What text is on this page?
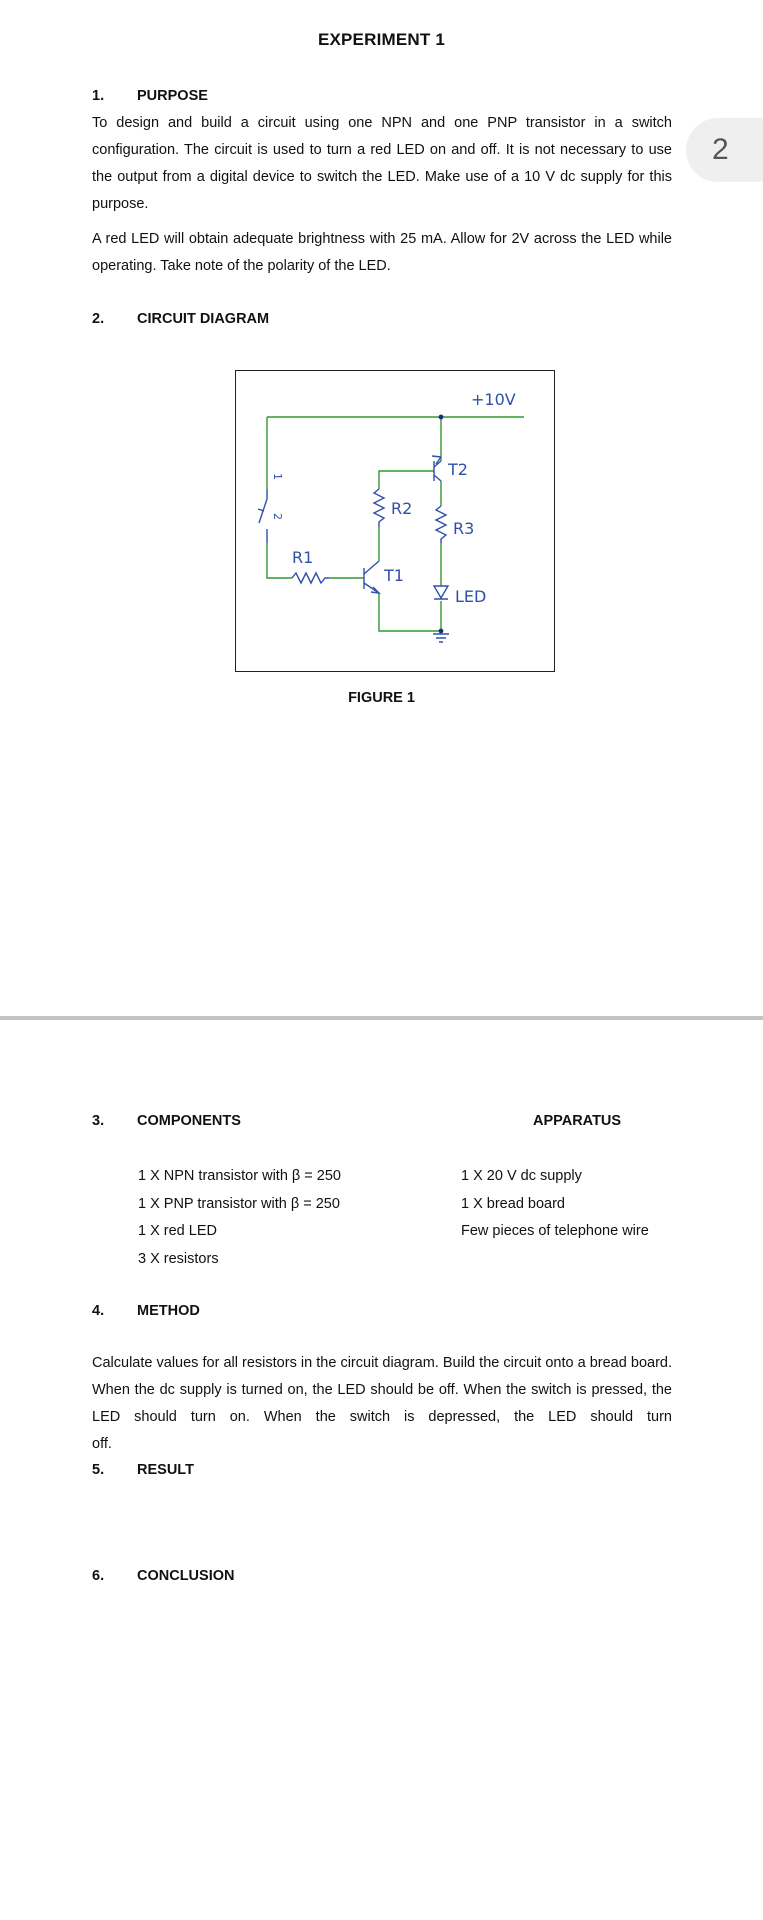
2
EXPERIMENT 1
1. PURPOSE

To design and build a circuit using one NPN and one PNP transistor in a switch configuration. The circuit is used to turn a red LED on and off. It is not necessary to use the output from a digital device to switch the LED. Make use of a 10 V dc supply for this purpose.

A red LED will obtain adequate brightness with 25 mA. Allow for 2V across the LED while operating. Take note of the polarity of the LED.

2. CIRCUIT DIAGRAM
+10V
T2
R2
R3
R1
T1
LED
1
2
FIGURE 1
3. COMPONENTS	APPARATUS
1 X NPN transistor with β = 250
1 X PNP transistor with β = 250
1 X red LED
3 X resistors
1 X 20 V dc supply
1 X bread board
Few pieces of telephone wire
4. METHOD

Calculate values for all resistors in the circuit diagram. Build the circuit onto a bread board. When the dc supply is turned on, the LED should be off. When the switch is pressed, the LED should turn on. When the switch is depressed, the LED should turn

off.

5. RESULT
6. CONCLUSION
